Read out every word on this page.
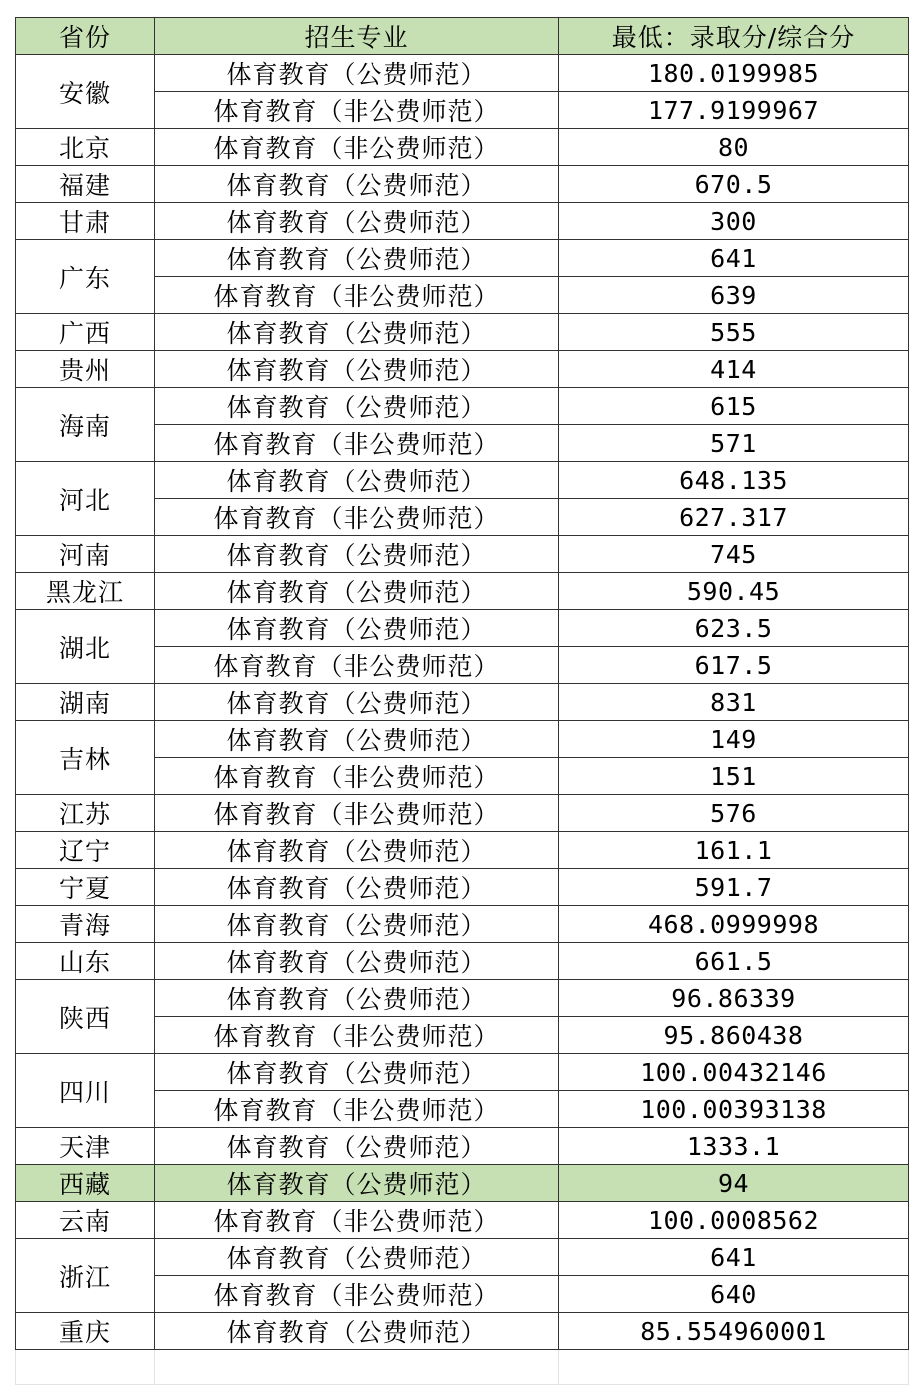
省份	招生专业	最低：录取分/综合分
安徽	体育教育（公费师范）	180.0199985
	体育教育（非公费师范）	177.9199967
北京	体育教育（非公费师范）	80
福建	体育教育（公费师范）	670.5
甘肃	体育教育（公费师范）	300
广东	体育教育（公费师范）	641
	体育教育（非公费师范）	639
广西	体育教育（公费师范）	555
贵州	体育教育（公费师范）	414
海南	体育教育（公费师范）	615
	体育教育（非公费师范）	571
河北	体育教育（公费师范）	648.135
	体育教育（非公费师范）	627.317
河南	体育教育（公费师范）	745
黑龙江	体育教育（公费师范）	590.45
湖北	体育教育（公费师范）	623.5
	体育教育（非公费师范）	617.5
湖南	体育教育（公费师范）	831
吉林	体育教育（公费师范）	149
	体育教育（非公费师范）	151
江苏	体育教育（非公费师范）	576
辽宁	体育教育（公费师范）	161.1
宁夏	体育教育（公费师范）	591.7
青海	体育教育（公费师范）	468.0999998
山东	体育教育（公费师范）	661.5
陕西	体育教育（公费师范）	96.86339
	体育教育（非公费师范）	95.860438
四川	体育教育（公费师范）	100.00432146
	体育教育（非公费师范）	100.00393138
天津	体育教育（公费师范）	1333.1
西藏	体育教育（公费师范）	94
云南	体育教育（非公费师范）	100.0008562
浙江	体育教育（公费师范）	641
	体育教育（非公费师范）	640
重庆	体育教育（公费师范）	85.554960001
